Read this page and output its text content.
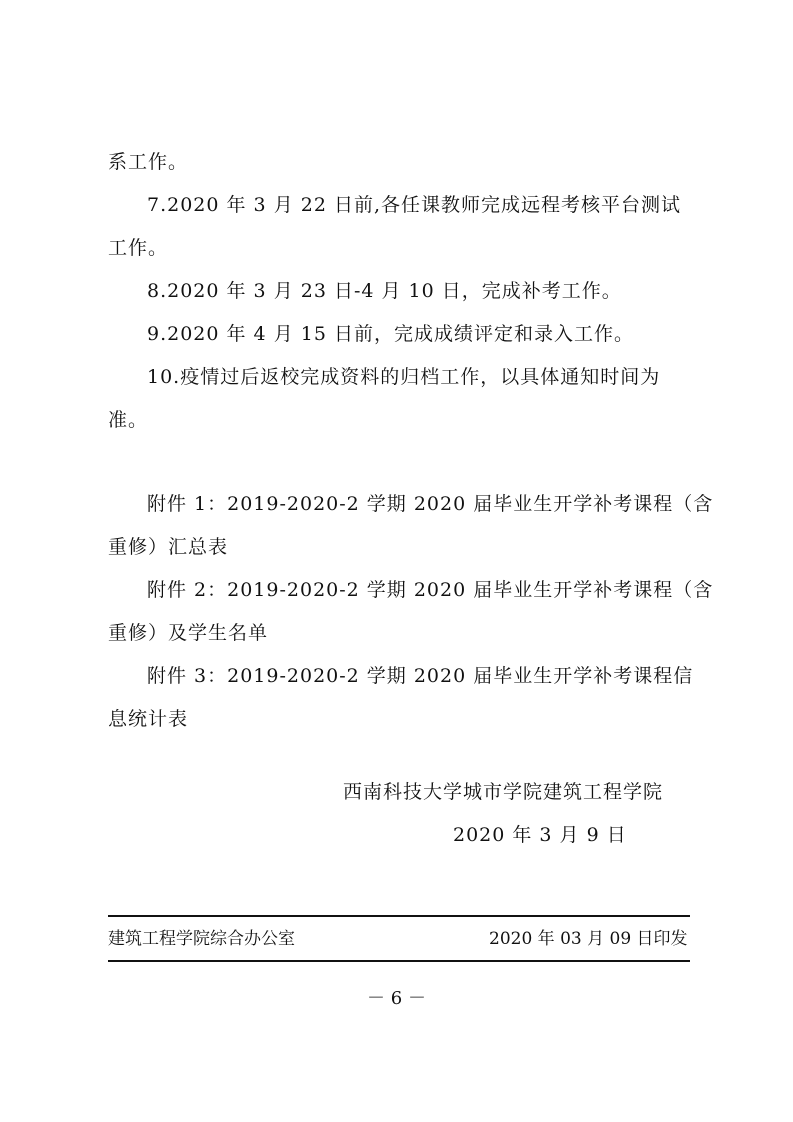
系工作。
7.2020 年 3 月 22 日前,各任课教师完成远程考核平台测试
工作。
8.2020 年 3 月 23 日-4 月 10 日，完成补考工作。
9.2020 年 4 月 15 日前，完成成绩评定和录入工作。
10.疫情过后返校完成资料的归档工作，以具体通知时间为
准。
附件 1：2019-2020-2 学期 2020 届毕业生开学补考课程（含
重修）汇总表
附件 2：2019-2020-2 学期 2020 届毕业生开学补考课程（含
重修）及学生名单
附件 3：2019-2020-2 学期 2020 届毕业生开学补考课程信
息统计表
西南科技大学城市学院建筑工程学院
2020 年 3 月 9 日
建筑工程学院综合办公室	2020 年 03 月 09 日印发
－ 6 －
